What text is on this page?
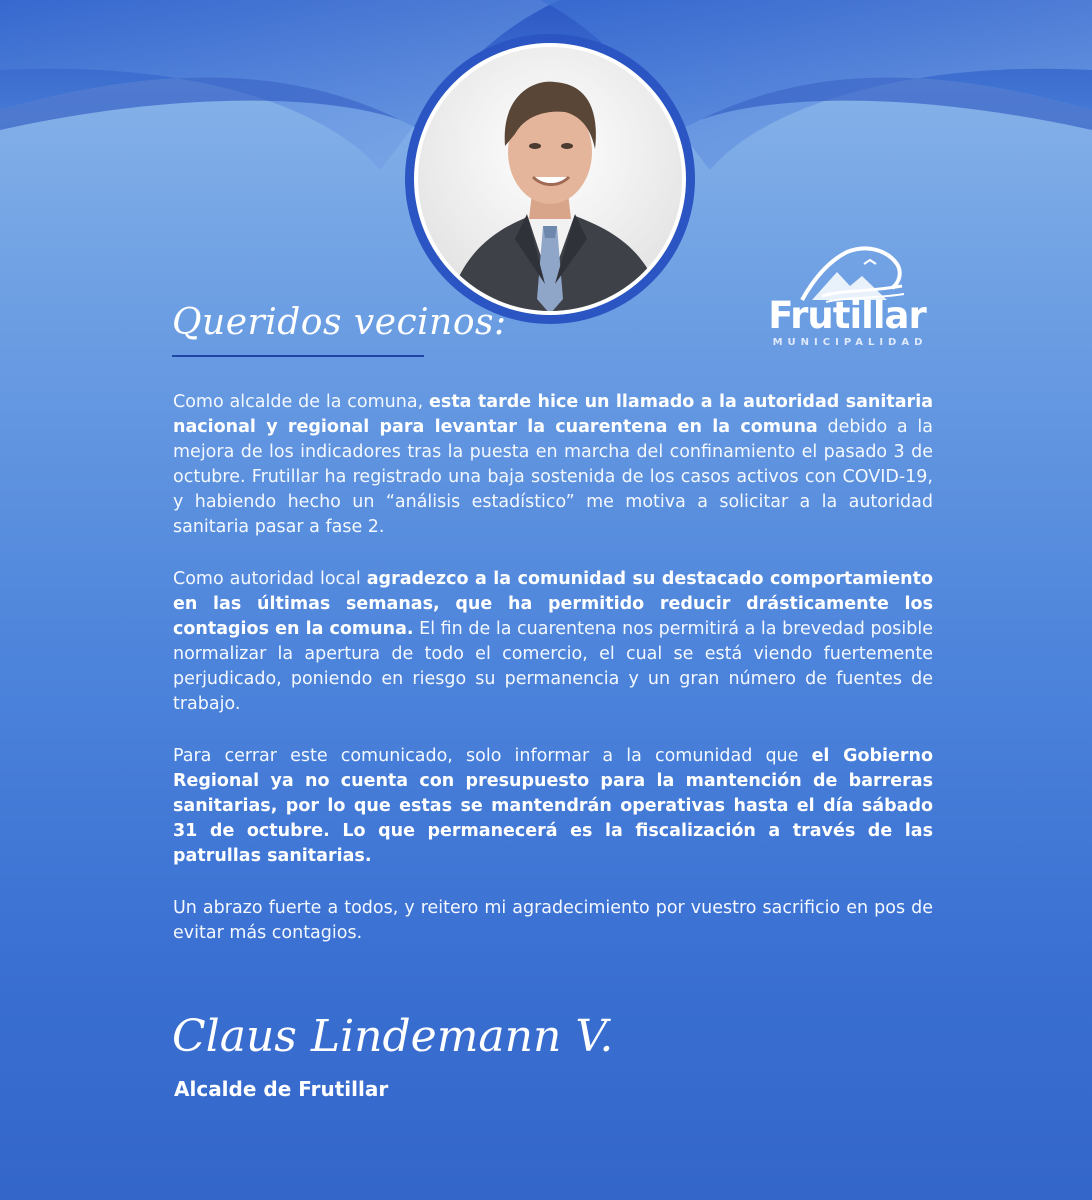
Frutillar
MUNICIPALIDAD
Queridos vecinos:

Como alcalde de la comuna, esta tarde hice un llamado a la autoridad sanitaria nacional y regional para levantar la cuarentena en la comuna debido a la mejora de los indicadores tras la puesta en marcha del confinamiento el pasado 3 de octubre. Frutillar ha registrado una baja sostenida de los casos activos con COVID-19, y habiendo hecho un “análisis estadístico” me motiva a solicitar a la autoridad sanitaria pasar a fase 2.

Como autoridad local agradezco a la comunidad su destacado comportamiento en las últimas semanas, que ha permitido reducir drásticamente los contagios en la comuna. El fin de la cuarentena nos permitirá a la brevedad posible normalizar la apertura de todo el comercio, el cual se está viendo fuertemente perjudicado, poniendo en riesgo su permanencia y un gran número de fuentes de trabajo.

Para cerrar este comunicado, solo informar a la comunidad que el Gobierno Regional ya no cuenta con presupuesto para la mantención de barreras sanitarias, por lo que estas se mantendrán operativas hasta el día sábado 31 de octubre. Lo que permanecerá es la fiscalización a través de las patrullas sanitarias.

Un abrazo fuerte a todos, y reitero mi agradecimiento por vuestro sacrificio en pos de evitar más contagios.

Claus Lindemann V.
Alcalde de Frutillar
